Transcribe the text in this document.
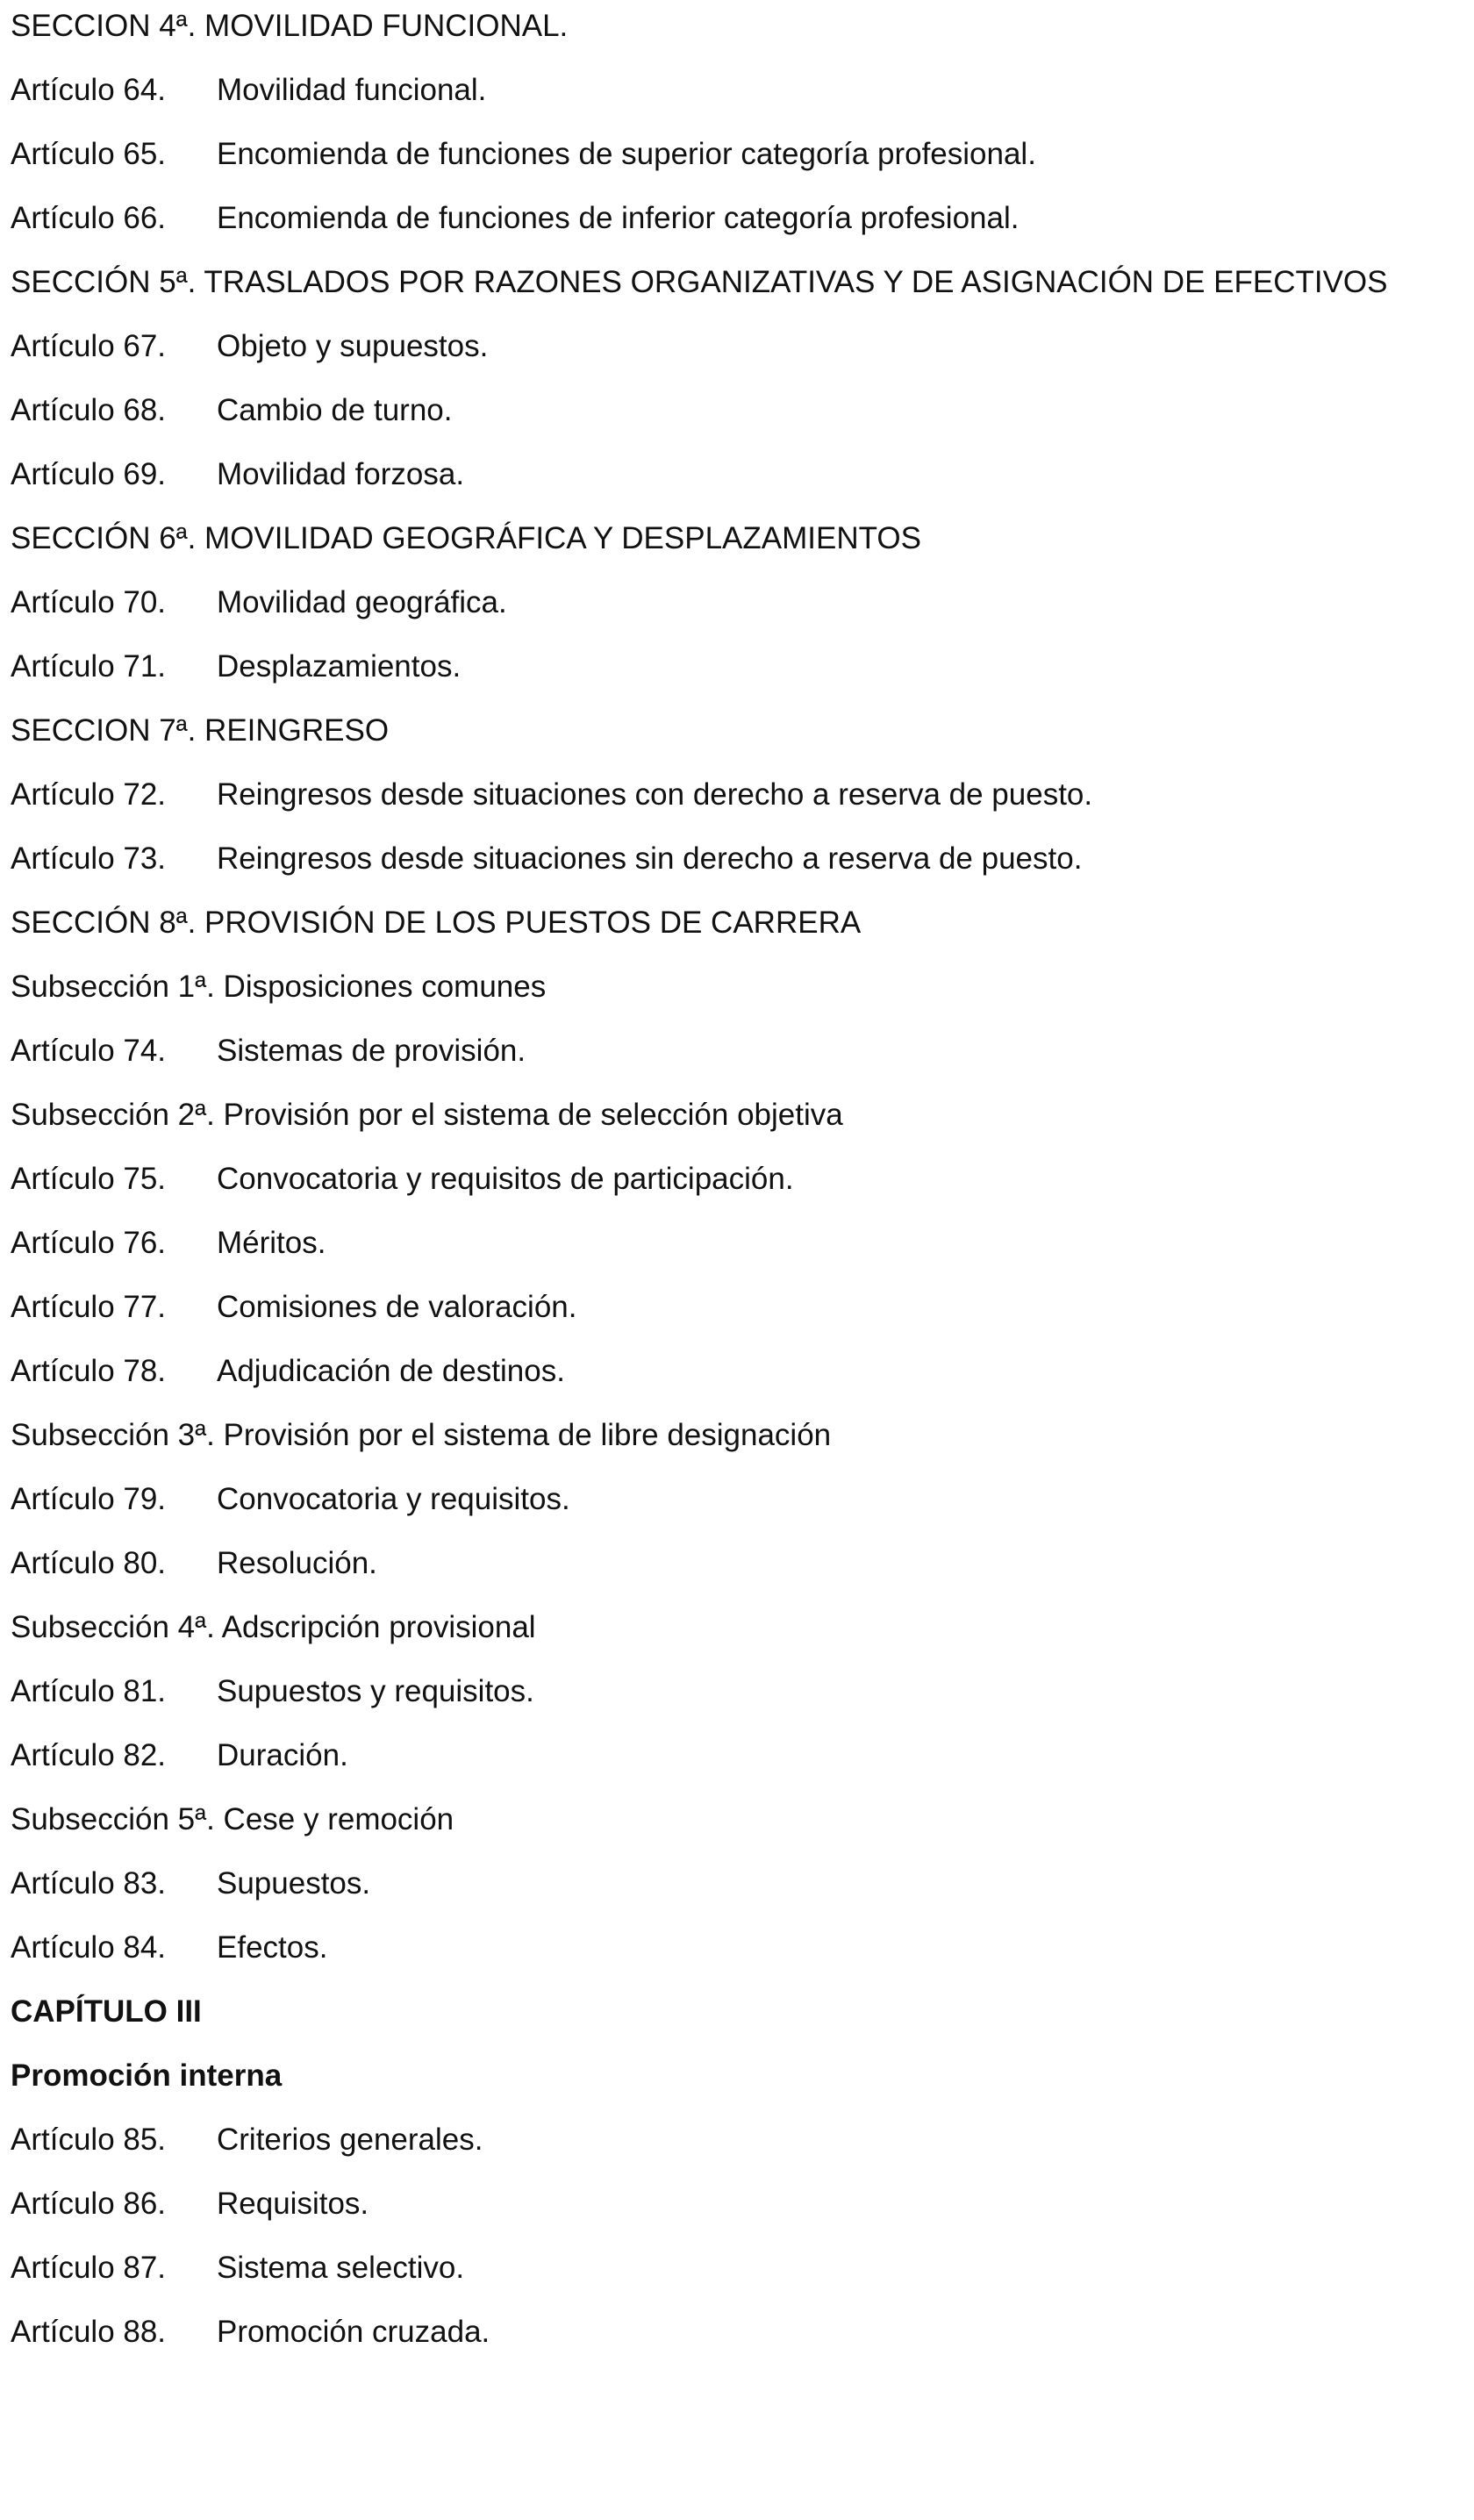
SECCION 4ª. MOVILIDAD FUNCIONAL.

Artículo 64. Movilidad funcional.

Artículo 65. Encomienda de funciones de superior categoría profesional.

Artículo 66. Encomienda de funciones de inferior categoría profesional.

SECCIÓN 5ª. TRASLADOS POR RAZONES ORGANIZATIVAS Y DE ASIGNACIÓN DE EFECTIVOS

Artículo 67. Objeto y supuestos.

Artículo 68. Cambio de turno.

Artículo 69. Movilidad forzosa.

SECCIÓN 6ª. MOVILIDAD GEOGRÁFICA Y DESPLAZAMIENTOS

Artículo 70. Movilidad geográfica.

Artículo 71. Desplazamientos.

SECCION 7ª. REINGRESO

Artículo 72. Reingresos desde situaciones con derecho a reserva de puesto.

Artículo 73. Reingresos desde situaciones sin derecho a reserva de puesto.

SECCIÓN 8ª. PROVISIÓN DE LOS PUESTOS DE CARRERA

Subsección 1ª. Disposiciones comunes

Artículo 74. Sistemas de provisión.

Subsección 2ª. Provisión por el sistema de selección objetiva

Artículo 75. Convocatoria y requisitos de participación.

Artículo 76. Méritos.

Artículo 77. Comisiones de valoración.

Artículo 78. Adjudicación de destinos.

Subsección 3ª. Provisión por el sistema de libre designación

Artículo 79. Convocatoria y requisitos.

Artículo 80. Resolución.

Subsección 4ª. Adscripción provisional

Artículo 81. Supuestos y requisitos.

Artículo 82. Duración.

Subsección 5ª. Cese y remoción

Artículo 83. Supuestos.

Artículo 84. Efectos.

CAPÍTULO III

Promoción interna

Artículo 85. Criterios generales.

Artículo 86. Requisitos.

Artículo 87. Sistema selectivo.

Artículo 88. Promoción cruzada.
